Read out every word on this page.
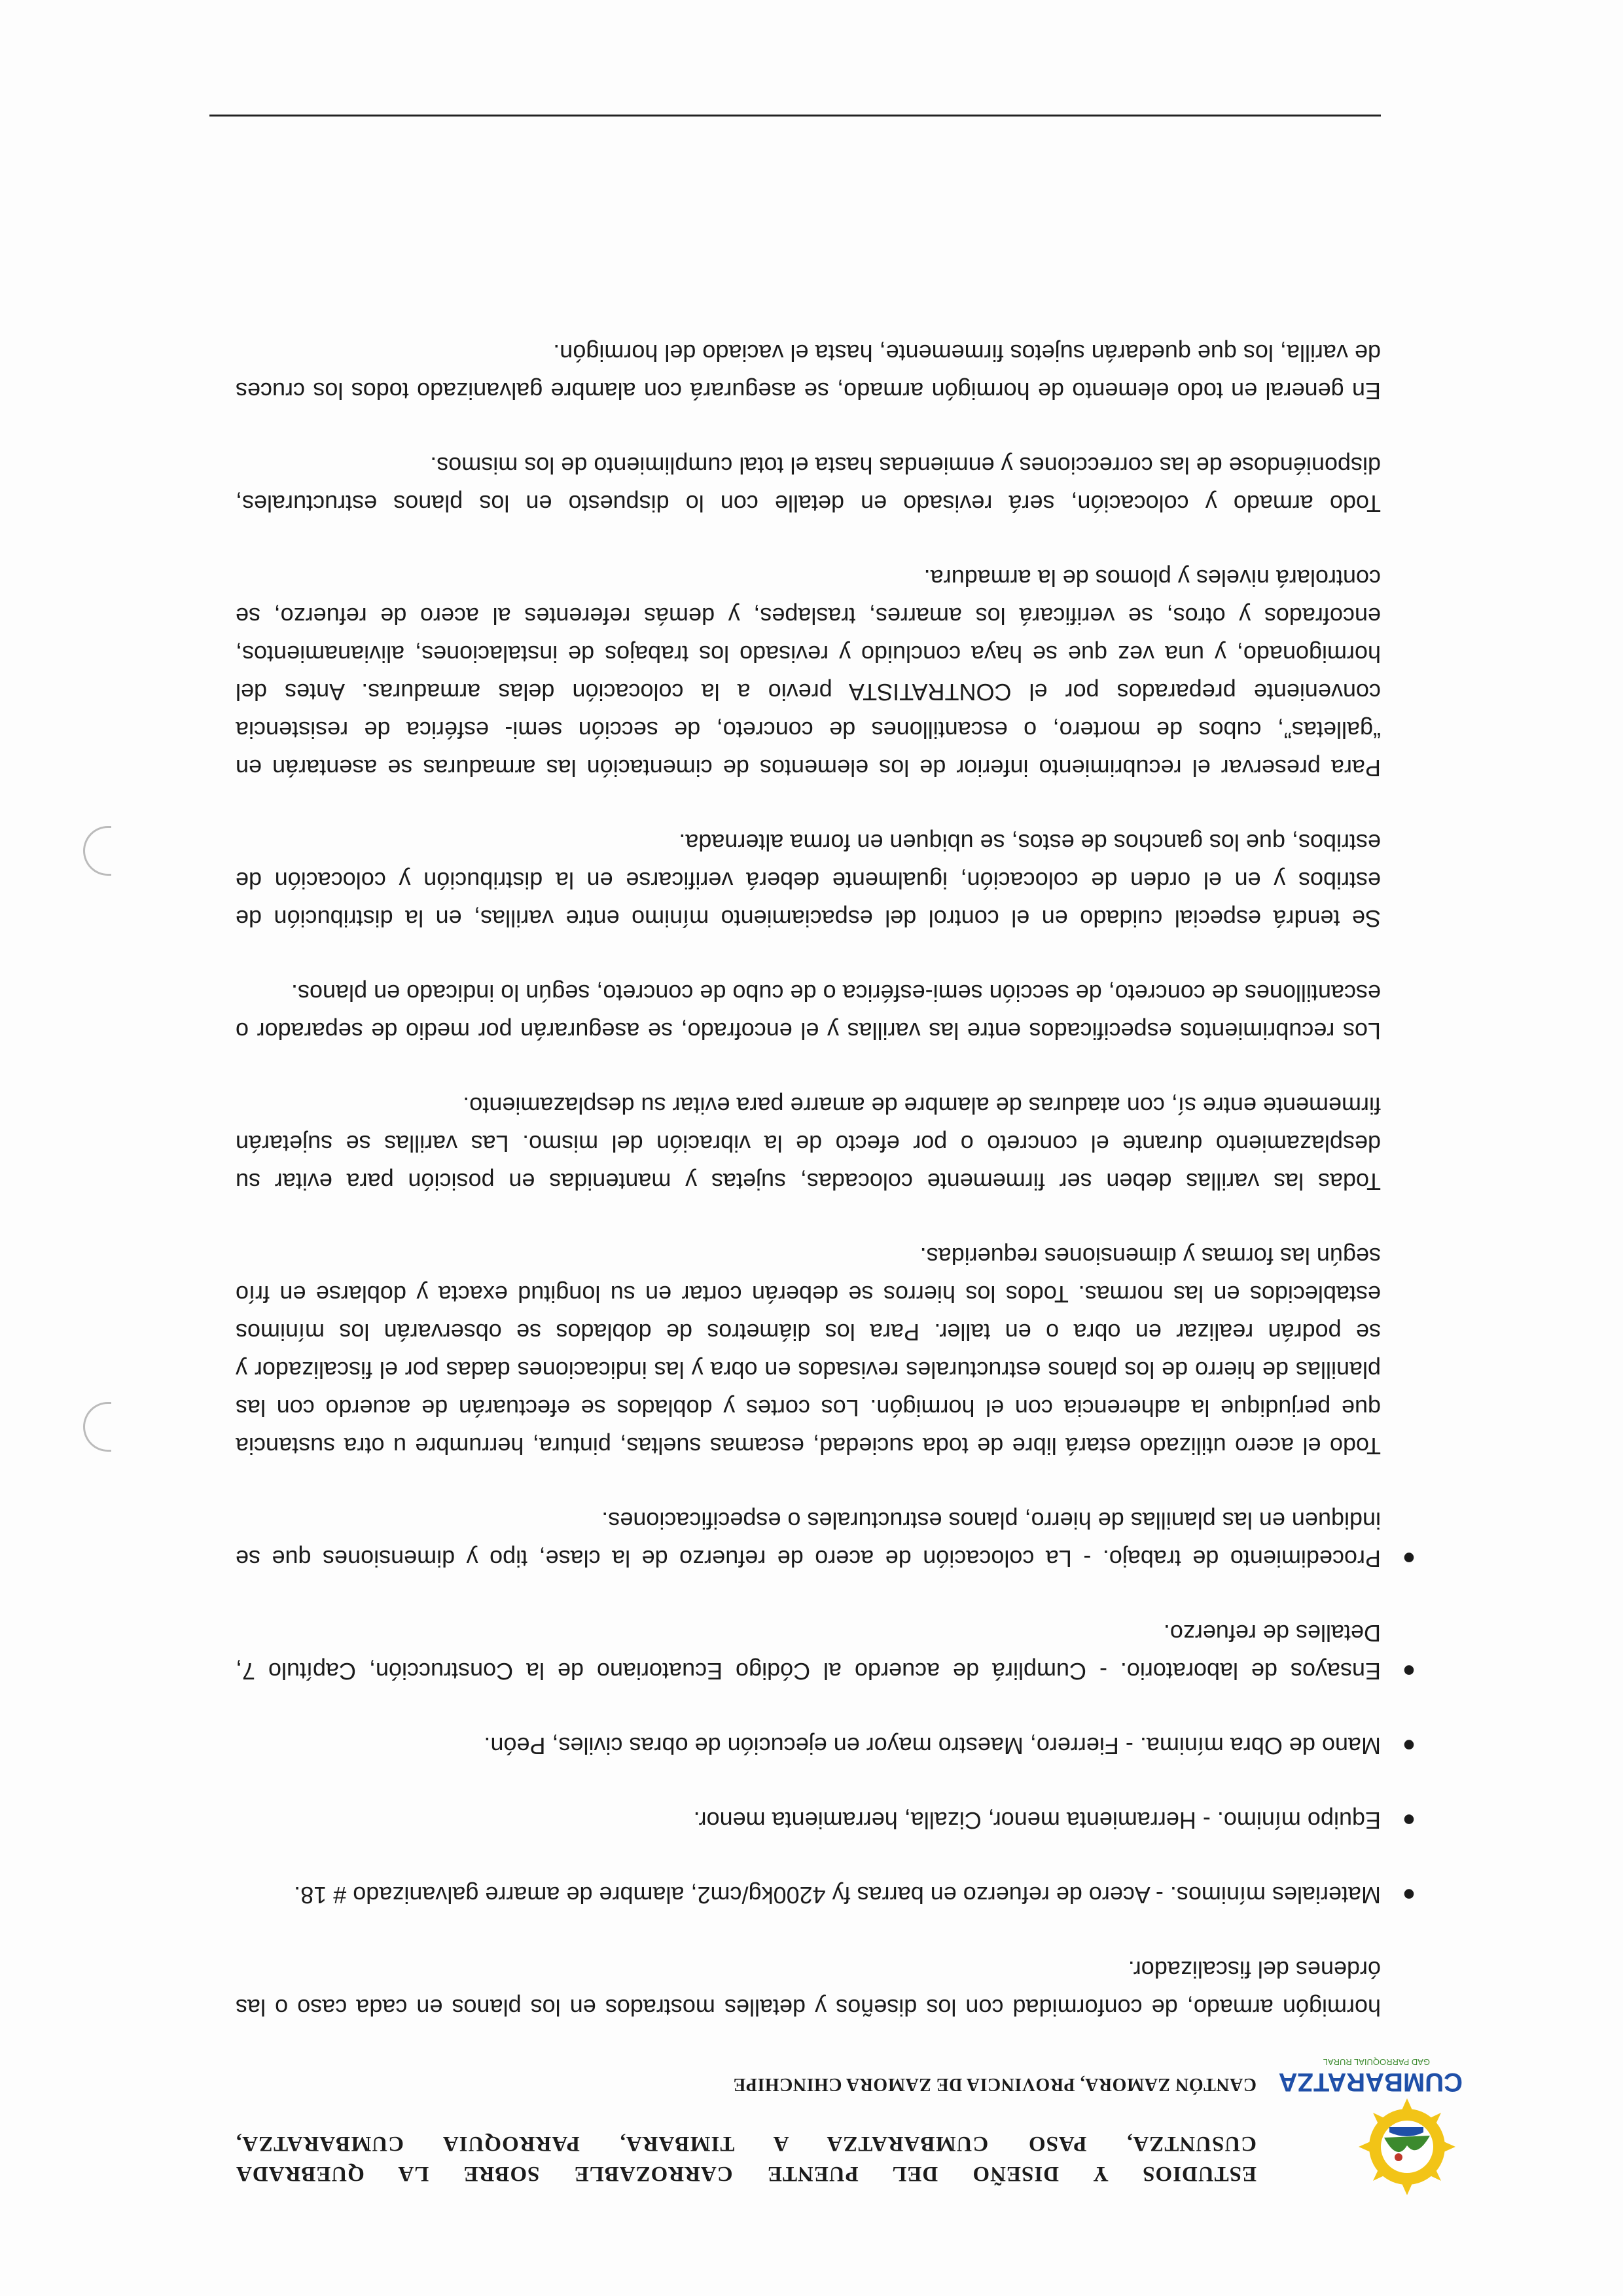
CUMBARATZA
GAD PARROQUIAL RURAL
ESTUDIOS Y DISEÑO DEL PUENTE CARROZABLE SOBRE LA QUEBRADA
CUSUNTZA, PASO CUMBARATZA A TIMBARA, PARROQUIA CUMBARATZA,
CANTÓN ZAMORA, PROVINCIA DE ZAMORA CHINCHIPE

hormigón armado, de conformidad con los diseños y detalles mostrados en los planos en cada caso o las órdenes del fiscalizador.

●
Materiales mínimos. - Acero de refuerzo en barras fy 4200kg/cm2, alambre de amarre galvanizado # 18.
●
Equipo mínimo. - Herramienta menor, Cizalla, herramienta menor.
●
Mano de Obra mínima. - Fierrero, Maestro mayor en ejecución de obras civiles, Peón.
●
Ensayos de laboratorio. - Cumplirá de acuerdo al Código Ecuatoriano de la Construcción, Capítulo 7, Detalles de refuerzo.
●
Procedimiento de trabajo. - La colocación de acero de refuerzo de la clase, tipo y dimensiones que se indiquen en las planillas de hierro, planos estructurales o especificaciones.

Todo el acero utilizado estará libre de toda suciedad, escamas sueltas, pintura, herrumbre u otra sustancia que perjudique la adherencia con el hormigón. Los cortes y doblados se efectuarán de acuerdo con las planillas de hierro de los planos estructurales revisados en obra y las indicaciones dadas por el fiscalizador y se podrán realizar en obra o en taller. Para los diámetros de doblados se observarán los mínimos establecidos en las normas. Todos los hierros se deberán cortar en su longitud exacta y doblarse en frío según las formas y dimensiones requeridas.

Todas las varillas deben ser firmemente colocadas, sujetas y mantenidas en posición para evitar su desplazamiento durante el concreto o por efecto de la vibración del mismo. Las varillas se sujetarán firmemente entre sí, con ataduras de alambre de amarre para evitar su desplazamiento.

Los recubrimientos especificados entre las varillas y el encofrado, se asegurarán por medio de separador o escantillones de concreto, de sección semi-esférica o de cubo de concreto, según lo indicado en planos.

Se tendrá especial cuidado en el control del espaciamiento mínimo entre varillas, en la distribución de estribos y en el orden de colocación, igualmente deberá verificarse en la distribución y colocación de estribos, que los ganchos de estos, se ubiquen en forma alternada.

Para preservar el recubrimiento inferior de los elementos de cimentación las armaduras se asentarán en “galletas”, cubos de mortero, o escantillones de concreto, de sección semi- esférica de resistencia conveniente preparados por el CONTRATISTA previo a la colocación delas armaduras. Antes del hormigonado, y una vez que se haya concluido y revisado los trabajos de instalaciones, alivianamientos, encofrados y otros, se verificará los amarres, traslapes, y demás referentes al acero de refuerzo, se controlará niveles y plomos de la armadura.

Todo armado y colocación, será revisado en detalle con lo dispuesto en los planos estructurales, disponiéndose de las correcciones y enmiendas hasta el total cumplimiento de los mismos.

En general en todo elemento de hormigón armado, se asegurará con alambre galvanizado todos los cruces de varilla, los que quedarán sujetos firmemente, hasta el vaciado del hormigón.
